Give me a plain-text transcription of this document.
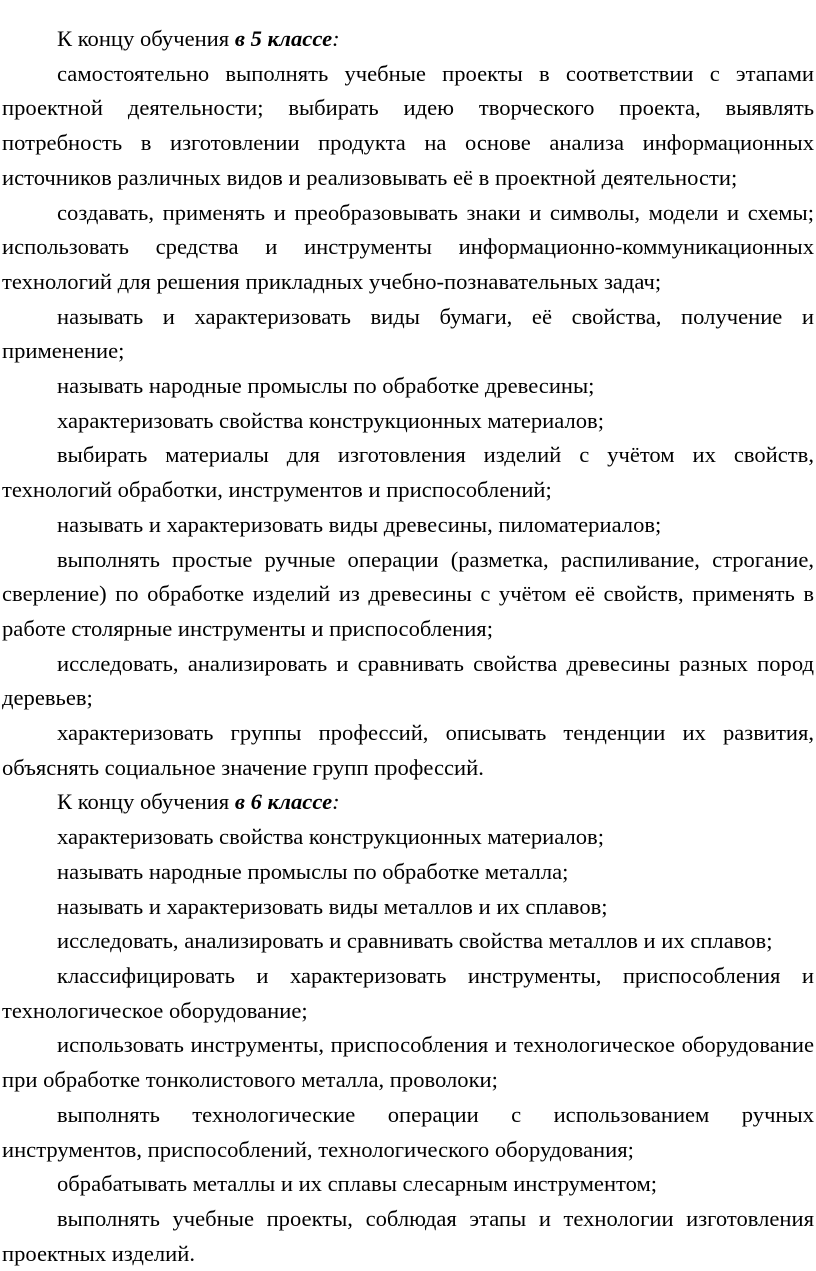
К концу обучения в 5 классе:

самостоятельно выполнять учебные проекты в соответствии с этапами проектной деятельности; выбирать идею творческого проекта, выявлять потребность в изготовлении продукта на основе анализа информационных источников различных видов и реализовывать её в проектной деятельности;

создавать, применять и преобразовывать знаки и символы, модели и схемы; использовать средства и инструменты информационно-коммуникационных технологий для решения прикладных учебно-познавательных задач;

называть и характеризовать виды бумаги, её свойства, получение и применение;

называть народные промыслы по обработке древесины;

характеризовать свойства конструкционных материалов;

выбирать материалы для изготовления изделий с учётом их свойств, технологий обработки, инструментов и приспособлений;

называть и характеризовать виды древесины, пиломатериалов;

выполнять простые ручные операции (разметка, распиливание, строгание, сверление) по обработке изделий из древесины с учётом её свойств, применять в работе столярные инструменты и приспособления;

исследовать, анализировать и сравнивать свойства древесины разных пород деревьев;

характеризовать группы профессий, описывать тенденции их развития, объяснять социальное значение групп профессий.

К концу обучения в 6 классе:

характеризовать свойства конструкционных материалов;

называть народные промыслы по обработке металла;

называть и характеризовать виды металлов и их сплавов;

исследовать, анализировать и сравнивать свойства металлов и их сплавов;

классифицировать и характеризовать инструменты, приспособления и технологическое оборудование;

использовать инструменты, приспособления и технологическое оборудование при обработке тонколистового металла, проволоки;

выполнять технологические операции с использованием ручных инструментов, приспособлений, технологического оборудования;

обрабатывать металлы и их сплавы слесарным инструментом;

выполнять учебные проекты, соблюдая этапы и технологии изготовления проектных изделий.
